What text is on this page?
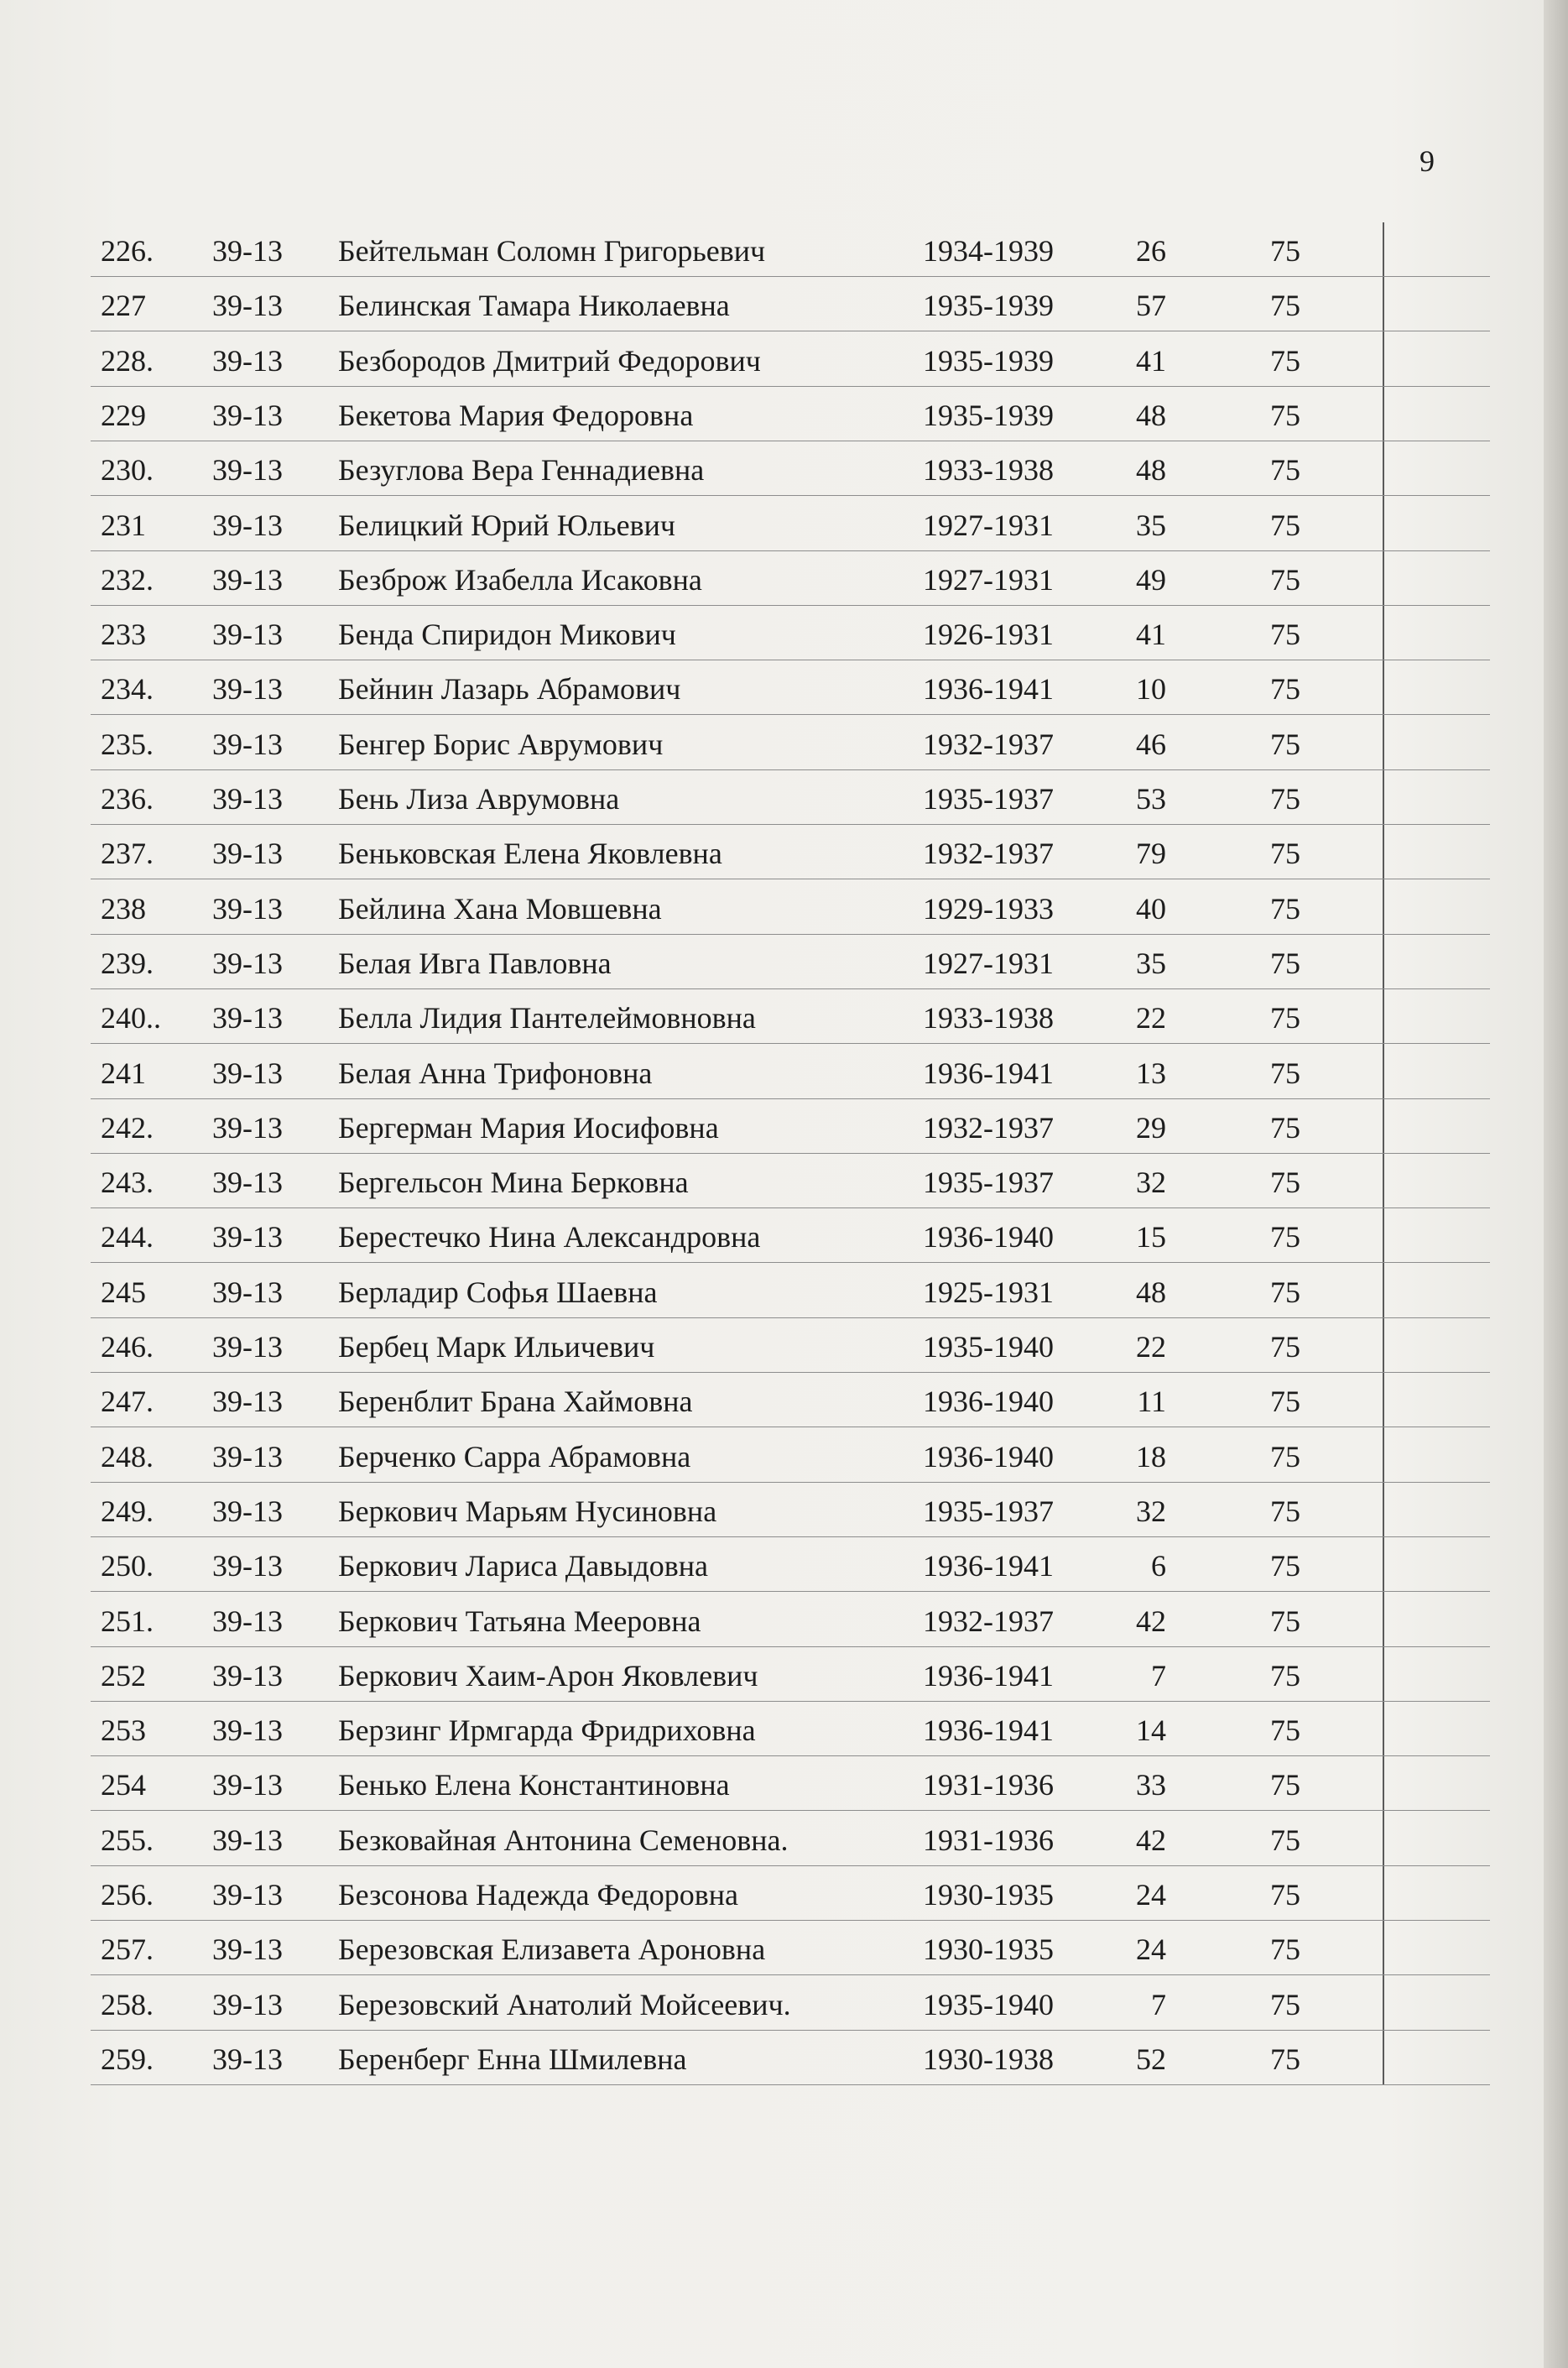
9
226. 39-13 Бейтельман Соломн Григорьевич	1934-1939	26	75
227 39-13 Белинская Тамара Николаевна	1935-1939	57	75
228. 39-13 Безбородов Дмитрий Федорович	1935-1939	41	75
229 39-13 Бекетова Мария Федоровна	1935-1939	48	75
230. 39-13 Безуглова Вера Геннадиевна	1933-1938	48	75
231 39-13 Белицкий Юрий Юльевич	1927-1931	35	75
232. 39-13 Безброж Изабелла Исаковна	1927-1931	49	75
233 39-13 Бенда Спиридон Микович	1926-1931	41	75
234. 39-13 Бейнин Лазарь Абрамович	1936-1941	10	75
235. 39-13 Бенгер Борис Аврумович	1932-1937	46	75
236. 39-13 Бень Лиза Аврумовна	1935-1937	53	75
237. 39-13 Беньковская Елена Яковлевна	1932-1937	79	75
238 39-13 Бейлина Хана Мовшевна	1929-1933	40	75
239. 39-13 Белая Ивга Павловна	1927-1931	35	75
240.. 39-13 Белла Лидия Пантелеймовновна	1933-1938	22	75
241 39-13 Белая Анна Трифоновна	1936-1941	13	75
242. 39-13 Бергерман Мария Иосифовна	1932-1937	29	75
243. 39-13 Бергельсон Мина Берковна	1935-1937	32	75
244. 39-13 Берестечко Нина Александровна	1936-1940	15	75
245 39-13 Берладир Софья Шаевна	1925-1931	48	75
246. 39-13 Бербец Марк Ильичевич	1935-1940	22	75
247. 39-13 Беренблит Брана Хаймовна	1936-1940	11	75
248. 39-13 Берченко Сарра Абрамовна	1936-1940	18	75
249. 39-13 Беркович Марьям Нусиновна	1935-1937	32	75
250. 39-13 Беркович Лариса Давыдовна	1936-1941	6	75
251. 39-13 Беркович Татьяна Мееровна	1932-1937	42	75
252 39-13 Беркович Хаим-Арон Яковлевич	1936-1941	7	75
253 39-13 Берзинг Ирмгарда Фридриховна	1936-1941	14	75
254 39-13 Бенько Елена Константиновна	1931-1936	33	75
255. 39-13 Безковайная Антонина Семеновна.	1931-1936	42	75
256. 39-13 Безсонова Надежда Федоровна	1930-1935	24	75
257. 39-13 Березовская Елизавета Ароновна	1930-1935	24	75
258. 39-13 Березовский Анатолий Мойсеевич.	1935-1940	7	75
259. 39-13 Беренберг Енна Шмилевна	1930-1938	52	75
